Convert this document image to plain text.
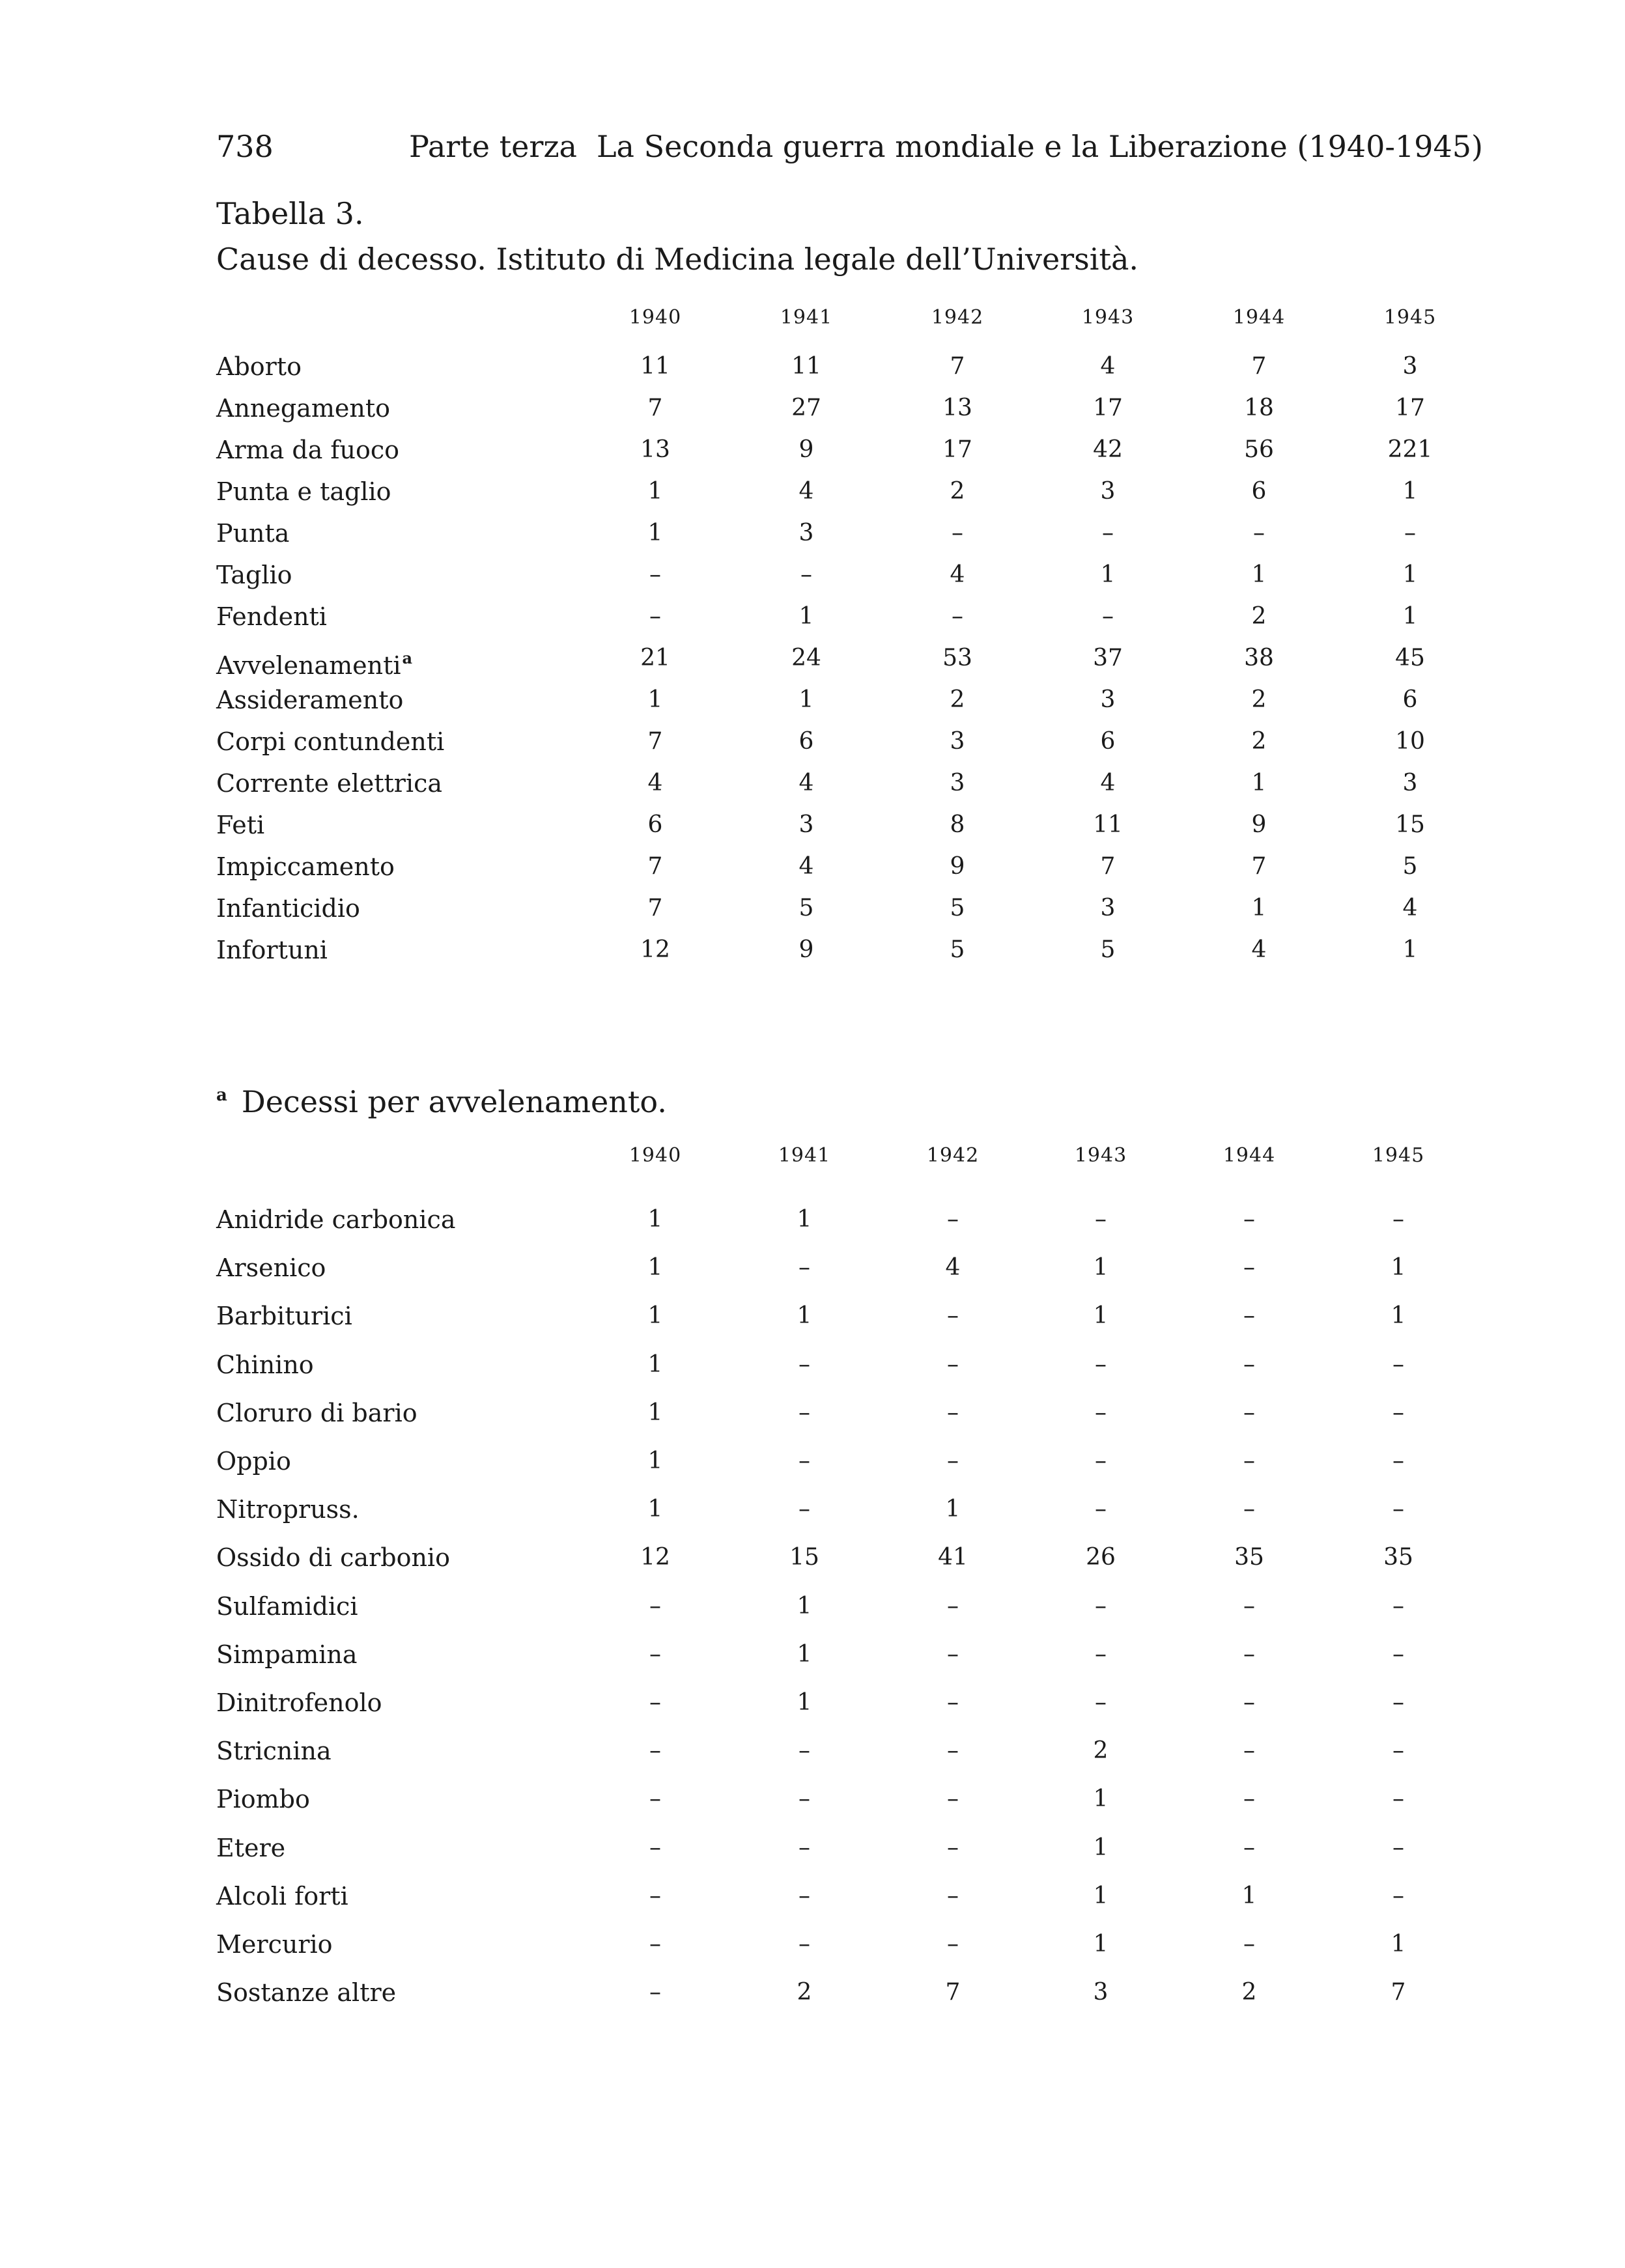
738	Parte terza La Seconda guerra mondiale e la Liberazione (1940-1945)
Tabella 3.
Cause di decesso. Istituto di Medicina legale dell’Università.
1940	1941	1942	1943	1944	1945
Aborto	11	11	7	4	7	3
Annegamento	7	27	13	17	18	17
Arma da fuoco	13	9	17	42	56	221
Punta e taglio	1	4	2	3	6	1
Punta	1	3	–	–	–	–
Taglio	–	–	4	1	1	1
Fendenti	–	1	–	–	2	1
Avvelenamenti$^a$	21	24	53	37	38	45
Assideramento	1	1	2	3	2	6
Corpi contundenti	7	6	3	6	2	10
Corrente elettrica	4	4	3	4	1	3
Feti	6	3	8	11	9	15
Impiccamento	7	4	9	7	7	5
Infanticidio	7	5	5	3	1	4
Infortuni	12	9	5	5	4	1
$^a$ Decessi per avvelenamento.
1940	1941	1942	1943	1944	1945
Anidride carbonica	1	1	–	–	–	–
Arsenico	1	–	4	1	–	1
Barbiturici	1	1	–	1	–	1
Chinino	1	–	–	–	–	–
Cloruro di bario	1	–	–	–	–	–
Oppio	1	–	–	–	–	–
Nitropruss.	1	–	1	–	–	–
Ossido di carbonio	12	15	41	26	35	35
Sulfamidici	–	1	–	–	–	–
Simpamina	–	1	–	–	–	–
Dinitrofenolo	–	1	–	–	–	–
Stricnina	–	–	–	2	–	–
Piombo	–	–	–	1	–	–
Etere	–	–	–	1	–	–
Alcoli forti	–	–	–	1	1	–
Mercurio	–	–	–	1	–	1
Sostanze altre	–	2	7	3	2	7
